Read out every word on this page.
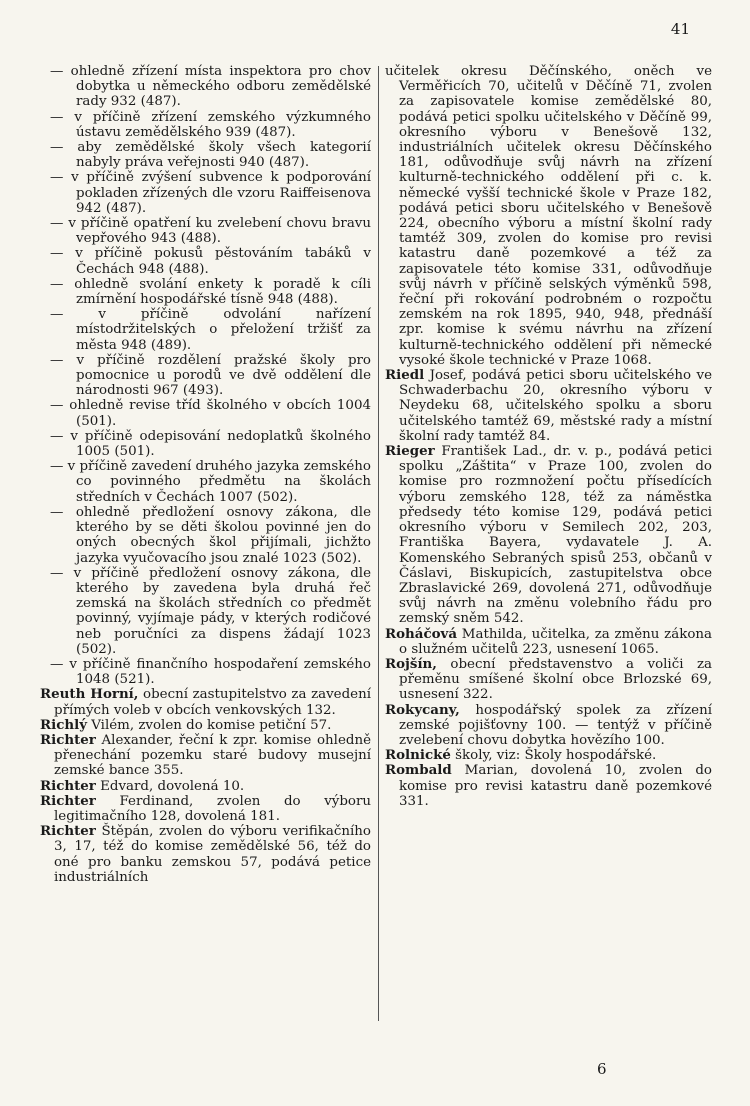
41

— ohledně zřízení místa inspektora pro chov dobytka u německého odboru zemědělské rady 932 (487).

— v příčině zřízení zemského výzkumného ústavu zemědělského 939 (487).

— aby zemědělské školy všech kategorií nabyly práva veřejnosti 940 (487).

— v příčině zvýšení subvence k podporování pokladen zřízených dle vzoru Raiffeisenova 942 (487).

— v příčině opatření ku zvelebení chovu bravu vepřového 943 (488).

— v příčině pokusů pěstováním tabáků v Čechách 948 (488).

— ohledně svolání enkety k poradě k cíli zmírnění hospodářské tísně 948 (488).

— v příčině odvolání nařízení místodržitelských o přeložení tržišť za města 948 (489).

— v příčině rozdělení pražské školy pro pomocnice u porodů ve dvě oddělení dle národnosti 967 (493).

— ohledně revise tříd školného v obcích 1004 (501).

— v příčině odepisování nedoplatků školného 1005 (501).

— v příčině zavedení druhého jazyka zemského co povinného předmětu na školách středních v Čechách 1007 (502).

— ohledně předložení osnovy zákona, dle kterého by se děti školou povinné jen do oných obecných škol přijímali, jichžto jazyka vyučovacího jsou znalé 1023 (502).

— v příčině předložení osnovy zákona, dle kterého by zavedena byla druhá řeč zemská na školách středních co předmět povinný, vyjímaje pády, v kterých rodičové neb poručníci za dispens žádají 1023 (502).

— v příčině finančního hospodaření zemského 1048 (521).

Reuth Horní, obecní zastupitelstvo za zavedení přímých voleb v obcích venkovských 132.

Richlý Vilém, zvolen do komise petiční 57.

Richter Alexander, řeční k zpr. komise ohledně přenechání pozemku staré budovy musejní zemské bance 355.

Richter Edvard, dovolená 10.

Richter Ferdinand, zvolen do výboru legitimačního 128, dovolená 181.

Richter Štěpán, zvolen do výboru verifikačního 3, 17, též do komise zemědělské 56, též do oné pro banku zemskou 57, podává petice industriálních

učitelek okresu Děčínského, oněch ve Verměřicích 70, učitelů v Děčíně 71, zvolen za zapisovatele komise zemědělské 80, podává petici spolku učitelského v Děčíně 99, okresního výboru v Benešově 132, industriálních učitelek okresu Děčínského 181, odůvodňuje svůj návrh na zřízení kulturně-technického oddělení při c. k. německé vyšší technické škole v Praze 182, podává petici sboru učitelského v Benešově 224, obecního výboru a místní školní rady tamtéž 309, zvolen do komise pro revisi katastru daně pozemkové a též za zapisovatele této komise 331, odůvodňuje svůj návrh v příčině selských výměnků 598, řeční při rokování podrobném o rozpočtu zemském na rok 1895, 940, 948, přednáší zpr. komise k svému návrhu na zřízení kulturně-technického oddělení při německé vysoké škole technické v Praze 1068.

Riedl Josef, podává petici sboru učitelského ve Schwaderbachu 20, okresního výboru v Neydeku 68, učitelského spolku a sboru učitelského tamtéž 69, městské rady a místní školní rady tamtéž 84.

Rieger František Lad., dr. v. p., podává petici spolku „Záštita“ v Praze 100, zvolen do komise pro rozmnožení počtu přísedících výboru zemského 128, též za náměstka předsedy této komise 129, podává petici okresního výboru v Semilech 202, 203, Františka Bayera, vydavatele J. A. Komenského Sebraných spisů 253, občanů v Čáslavi, Biskupicích, zastupitelstva obce Zbraslavické 269, dovolená 271, odůvodňuje svůj návrh na změnu volebního řádu pro zemský sněm 542.

Roháčová Mathilda, učitelka, za změnu zákona o služném učitelů 223, usnesení 1065.

Rojšín, obecní představenstvo a voliči za přeměnu smíšené školní obce Brlozské 69, usnesení 322.

Rokycany, hospodářský spolek za zřízení zemské pojišťovny 100. — tentýž v příčině zvelebení chovu dobytka hovězího 100.

Rolnické školy, viz: Školy hospodářské.

Rombald Marian, dovolená 10, zvolen do komise pro revisi katastru daně pozemkové 331.

6
